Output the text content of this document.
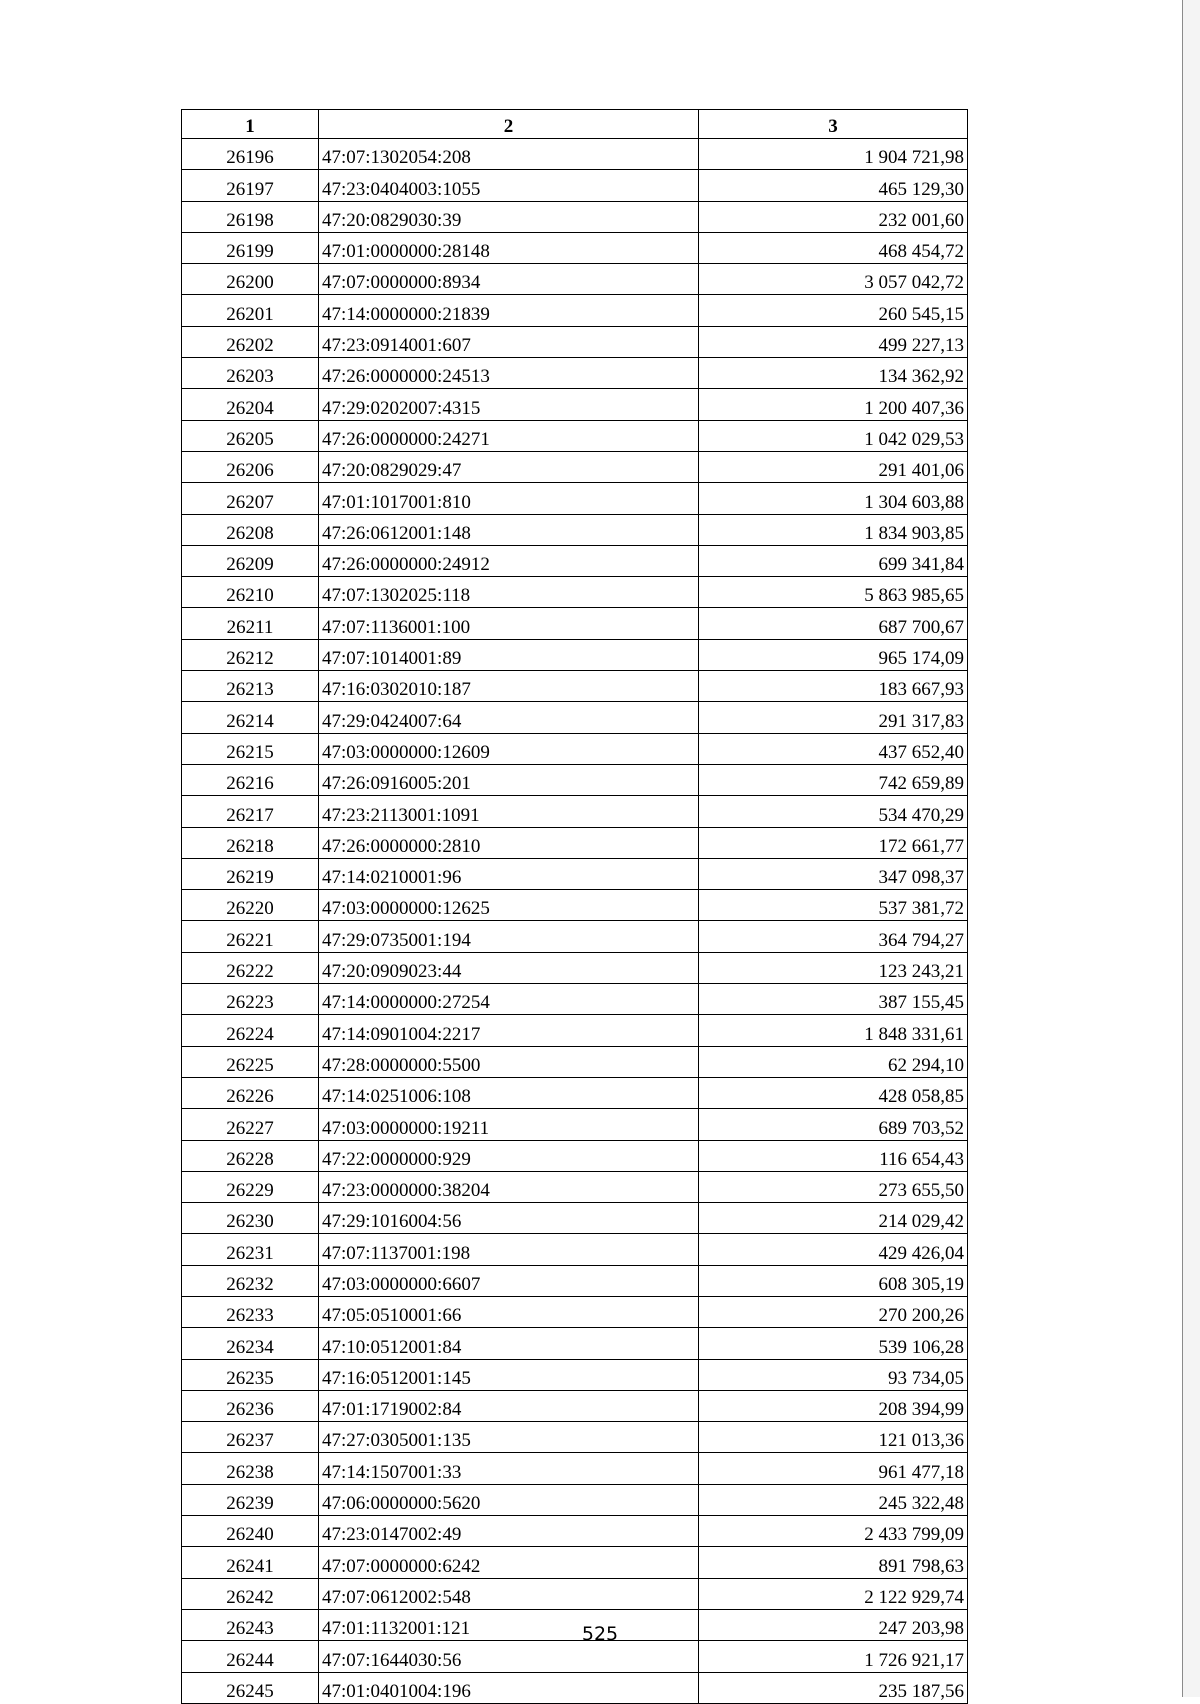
1	2	3
26196	47:07:1302054:208	1 904 721,98
26197	47:23:0404003:1055	465 129,30
26198	47:20:0829030:39	232 001,60
26199	47:01:0000000:28148	468 454,72
26200	47:07:0000000:8934	3 057 042,72
26201	47:14:0000000:21839	260 545,15
26202	47:23:0914001:607	499 227,13
26203	47:26:0000000:24513	134 362,92
26204	47:29:0202007:4315	1 200 407,36
26205	47:26:0000000:24271	1 042 029,53
26206	47:20:0829029:47	291 401,06
26207	47:01:1017001:810	1 304 603,88
26208	47:26:0612001:148	1 834 903,85
26209	47:26:0000000:24912	699 341,84
26210	47:07:1302025:118	5 863 985,65
26211	47:07:1136001:100	687 700,67
26212	47:07:1014001:89	965 174,09
26213	47:16:0302010:187	183 667,93
26214	47:29:0424007:64	291 317,83
26215	47:03:0000000:12609	437 652,40
26216	47:26:0916005:201	742 659,89
26217	47:23:2113001:1091	534 470,29
26218	47:26:0000000:2810	172 661,77
26219	47:14:0210001:96	347 098,37
26220	47:03:0000000:12625	537 381,72
26221	47:29:0735001:194	364 794,27
26222	47:20:0909023:44	123 243,21
26223	47:14:0000000:27254	387 155,45
26224	47:14:0901004:2217	1 848 331,61
26225	47:28:0000000:5500	62 294,10
26226	47:14:0251006:108	428 058,85
26227	47:03:0000000:19211	689 703,52
26228	47:22:0000000:929	116 654,43
26229	47:23:0000000:38204	273 655,50
26230	47:29:1016004:56	214 029,42
26231	47:07:1137001:198	429 426,04
26232	47:03:0000000:6607	608 305,19
26233	47:05:0510001:66	270 200,26
26234	47:10:0512001:84	539 106,28
26235	47:16:0512001:145	93 734,05
26236	47:01:1719002:84	208 394,99
26237	47:27:0305001:135	121 013,36
26238	47:14:1507001:33	961 477,18
26239	47:06:0000000:5620	245 322,48
26240	47:23:0147002:49	2 433 799,09
26241	47:07:0000000:6242	891 798,63
26242	47:07:0612002:548	2 122 929,74
26243	47:01:1132001:121	247 203,98
26244	47:07:1644030:56	1 726 921,17
26245	47:01:0401004:196	235 187,56
525
